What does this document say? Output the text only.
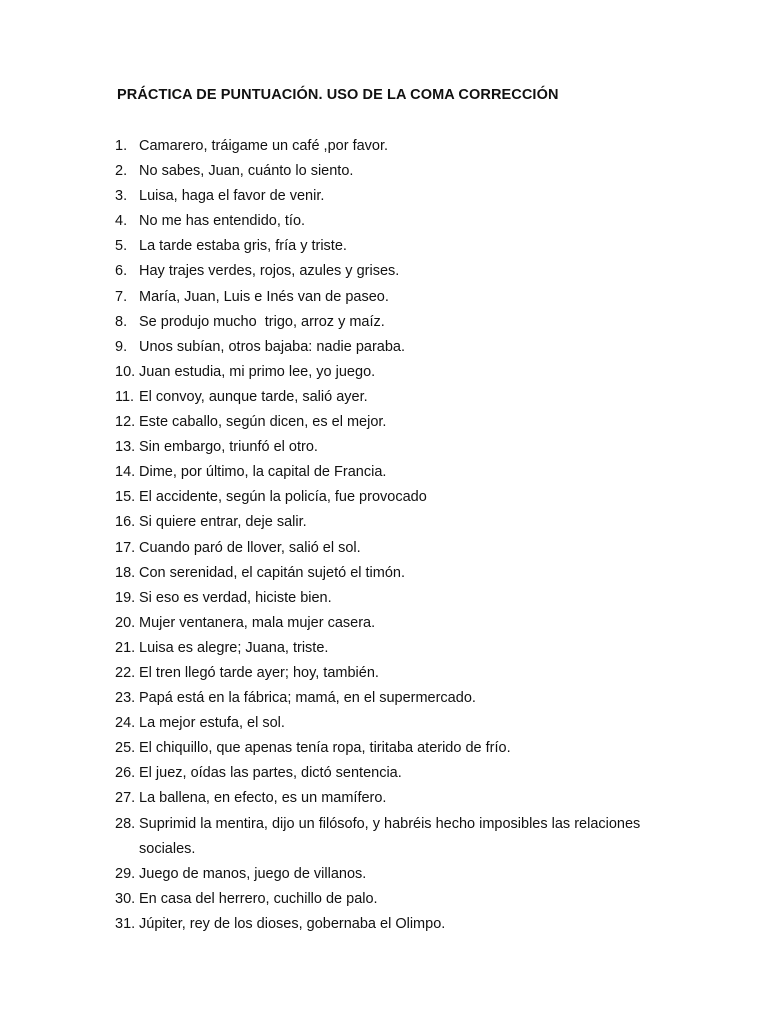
PRÁCTICA DE PUNTUACIÓN. USO DE LA COMA CORRECCIÓN
1. Camarero, tráigame un café ,por favor.
2. No sabes, Juan, cuánto lo siento.
3. Luisa, haga el favor de venir.
4. No me has entendido, tío.
5. La tarde estaba gris, fría y triste.
6. Hay trajes verdes, rojos, azules y grises.
7. María, Juan, Luis e Inés van de paseo.
8. Se produjo mucho  trigo, arroz y maíz.
9. Unos subían, otros bajaba: nadie paraba.
10. Juan estudia, mi primo lee, yo juego.
11. El convoy, aunque tarde, salió ayer.
12. Este caballo, según dicen, es el mejor.
13. Sin embargo, triunfó el otro.
14. Dime, por último, la capital de Francia.
15. El accidente, según la policía, fue provocado
16. Si quiere entrar, deje salir.
17. Cuando paró de llover, salió el sol.
18. Con serenidad, el capitán sujetó el timón.
19. Si eso es verdad, hiciste bien.
20. Mujer ventanera, mala mujer casera.
21. Luisa es alegre; Juana, triste.
22. El tren llegó tarde ayer; hoy, también.
23. Papá está en la fábrica; mamá, en el supermercado.
24. La mejor estufa, el sol.
25. El chiquillo, que apenas tenía ropa, tiritaba aterido de frío.
26. El juez, oídas las partes, dictó sentencia.
27. La ballena, en efecto, es un mamífero.
28. Suprimid la mentira, dijo un filósofo, y habréis hecho imposibles las relaciones sociales.
29. Juego de manos, juego de villanos.
30. En casa del herrero, cuchillo de palo.
31. Júpiter, rey de los dioses, gobernaba el Olimpo.
